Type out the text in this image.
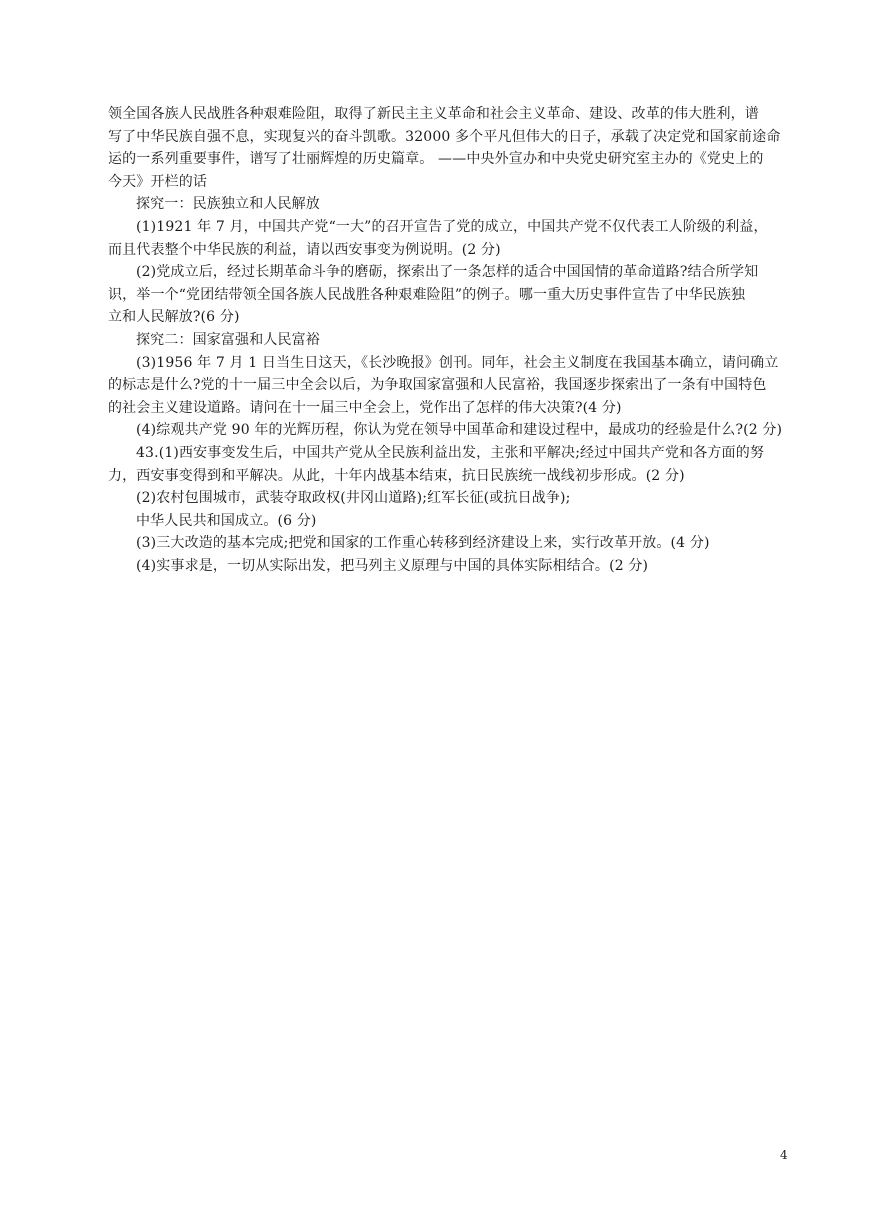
领全国各族人民战胜各种艰难险阻，取得了新民主主义革命和社会主义革命、建设、改革的伟大胜利，谱
写了中华民族自强不息，实现复兴的奋斗凯歌。32000 多个平凡但伟大的日子，承载了决定党和国家前途命
运的一系列重要事件，谱写了壮丽辉煌的历史篇章。 ——中央外宣办和中央党史研究室主办的《党史上的
今天》开栏的话
探究一：民族独立和人民解放
(1)1921 年 7 月，中国共产党“一大”的召开宣告了党的成立，中国共产党不仅代表工人阶级的利益，
而且代表整个中华民族的利益，请以西安事变为例说明。(2 分)
(2)党成立后，经过长期革命斗争的磨砺，探索出了一条怎样的适合中国国情的革命道路?结合所学知
识，举一个“党团结带领全国各族人民战胜各种艰难险阻”的例子。哪一重大历史事件宣告了中华民族独
立和人民解放?(6 分)
探究二：国家富强和人民富裕
(3)1956 年 7 月 1 日当生日这天，《长沙晚报》创刊。同年，社会主义制度在我国基本确立，请问确立
的标志是什么?党的十一届三中全会以后，为争取国家富强和人民富裕，我国逐步探索出了一条有中国特色
的社会主义建设道路。请问在十一届三中全会上，党作出了怎样的伟大决策?(4 分)
(4)综观共产党 90 年的光辉历程，你认为党在领导中国革命和建设过程中，最成功的经验是什么?(2 分)
43.(1)西安事变发生后，中国共产党从全民族利益出发，主张和平解决;经过中国共产党和各方面的努
力，西安事变得到和平解决。从此，十年内战基本结束，抗日民族统一战线初步形成。(2 分)
(2)农村包围城市，武装夺取政权(井冈山道路);红军长征(或抗日战争);
中华人民共和国成立。(6 分)
(3)三大改造的基本完成;把党和国家的工作重心转移到经济建设上来，实行改革开放。(4 分)
(4)实事求是，一切从实际出发，把马列主义原理与中国的具体实际相结合。(2 分)
4
